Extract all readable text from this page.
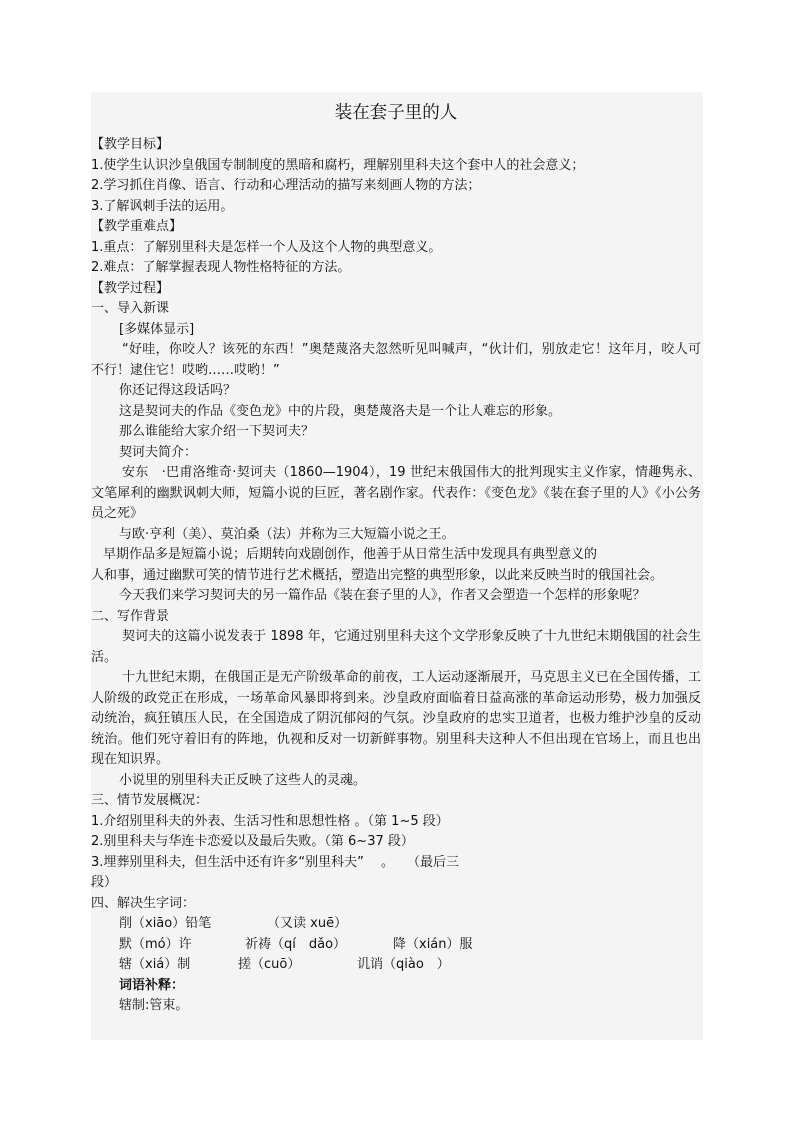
装在套子里的人
【教学目标】
1.使学生认识沙皇俄国专制制度的黑暗和腐朽，理解别里科夫这个套中人的社会意义；
2.学习抓住肖像、语言、行动和心理活动的描写来刻画人物的方法；
3.了解讽刺手法的运用。
【教学重难点】
1.重点：了解别里科夫是怎样一个人及这个人物的典型意义。
2.难点：了解掌握表现人物性格特征的方法。
【教学过程】
一、导入新课
[多媒体显示]
“好哇，你咬人？该死的东西！”奥楚蔑洛夫忽然听见叫喊声，“伙计们，别放走它！这年月，咬人可不行！逮住它！哎哟……哎哟！”
你还记得这段话吗？
这是契诃夫的作品《变色龙》中的片段，奥楚蔑洛夫是一个让人难忘的形象。
那么谁能给大家介绍一下契诃夫？
契诃夫简介：
安东　·巴甫洛维奇·契诃夫（1860—1904），19 世纪末俄国伟大的批判现实主义作家，情趣隽永、文笔犀利的幽默讽刺大师，短篇小说的巨匠，著名剧作家。代表作：《变色龙》《装在套子里的人》《小公务员之死》
与欧·亨利（美）、莫泊桑（法）并称为三大短篇小说之王。
早期作品多是短篇小说；后期转向戏剧创作，他善于从日常生活中发现具有典型意义的
人和事，通过幽默可笑的情节进行艺术概括，塑造出完整的典型形象，以此来反映当时的俄国社会。
今天我们来学习契诃夫的另一篇作品《装在套子里的人》，作者又会塑造一个怎样的形象呢？
二、写作背景
契诃夫的这篇小说发表于 1898 年，它通过别里科夫这个文学形象反映了十九世纪末期俄国的社会生活。
十九世纪末期，在俄国正是无产阶级革命的前夜，工人运动逐渐展开，马克思主义已在全国传播，工人阶级的政党正在形成，一场革命风暴即将到来。沙皇政府面临着日益高涨的革命运动形势，极力加强反动统治，疯狂镇压人民，在全国造成了阴沉郁闷的气氛。沙皇政府的忠实卫道者，也极力维护沙皇的反动统治。他们死守着旧有的阵地，仇视和反对一切新鲜事物。别里科夫这种人不但出现在官场上，而且也出现在知识界。
小说里的别里科夫正反映了这些人的灵魂。
三、情节发展概况：
1.介绍别里科夫的外表、生活习性和思想性格 。（第 1~5 段）
2.别里科夫与华连卡恋爱以及最后失败。（第 6~37 段）
3.埋葬别里科夫，但生活中还有许多“别里科夫”　 。　　（最后三
段）
四、解决生字词：
削（xiāo）铅笔	（又读 xuē）
默（mó）许	祈祷（qí　dǎo）	降（xián）服
辖（xiá）制	搓（cuō）	讥诮（qiào　）
词语补释：
辖制:管束。
